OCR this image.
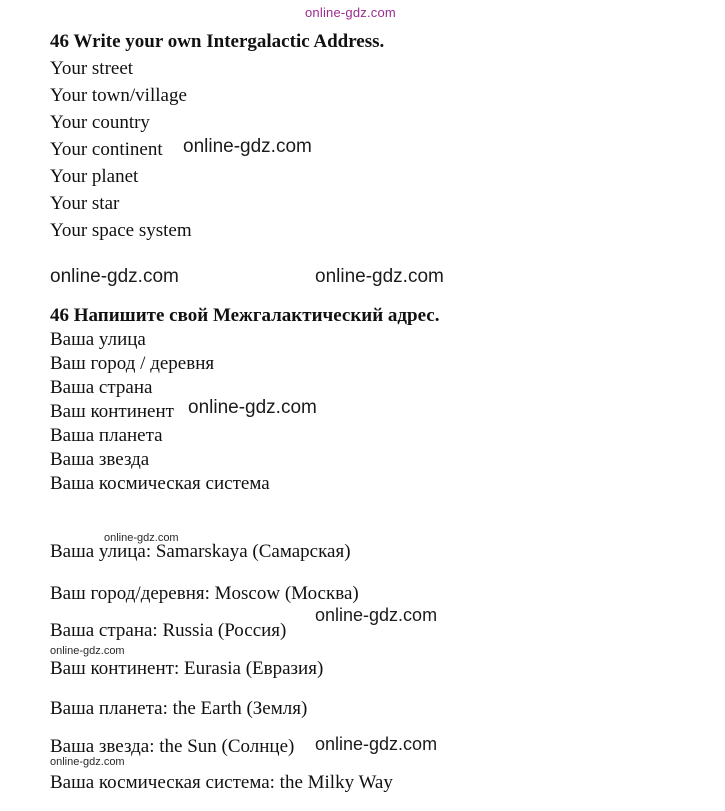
online-gdz.com
46 Write your own Intergalactic Address.
Your street
Your town/village
Your country
Your continent
Your planet
Your star
Your space system
online-gdz.com
online-gdz.com	online-gdz.com
46 Напишите свой Межгалактический адрес.
Ваша улица
Ваш город / деревня
Ваша страна
Ваш континент
Ваша планета
Ваша звезда
Ваша космическая система
online-gdz.com
online-gdz.com
Ваша улица: Samarskaya (Самарская)
Ваш город/деревня: Moscow (Москва)
Ваша страна: Russia (Россия)
Ваш континент: Eurasia (Евразия)
Ваша планета: the Earth (Земля)
Ваша звезда: the Sun (Солнце)
Ваша космическая система: the Milky Way
online-gdz.com
online-gdz.com
online-gdz.com
online-gdz.com
